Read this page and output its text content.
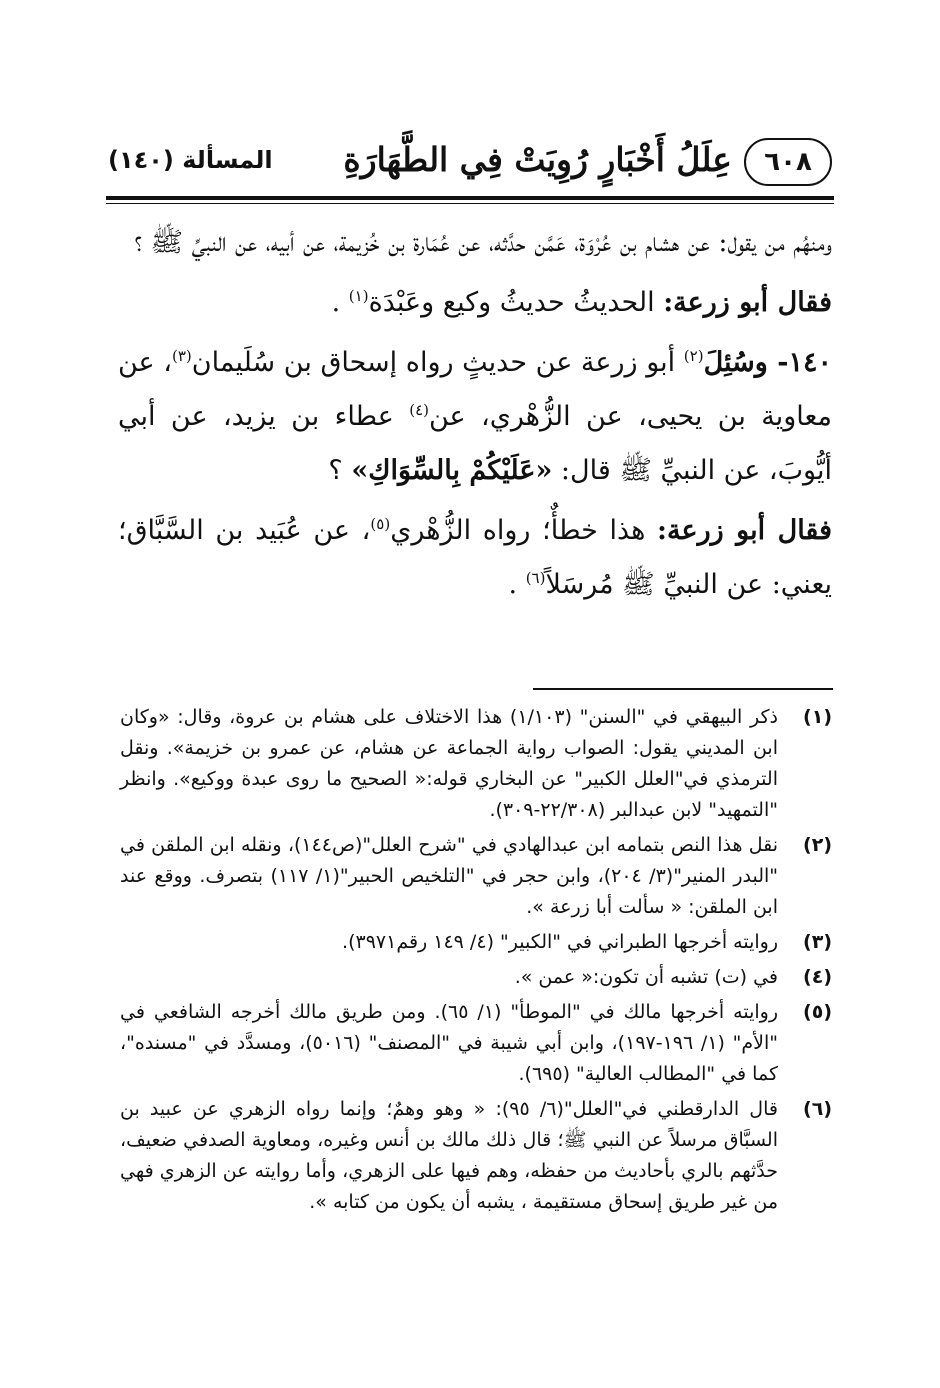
٦٠٨
عِلَلُ أَخْبَارٍ رُوِيَتْ فِي الطَّهَارَةِ
المسألة (١٤٠)

ومنهُم من يقول: عن هشام بن عُرْوَة، عَمَّن حدَّثه، عن عُمَارة بن خُزيمة، عن أبيه، عن النبيِّ ﷺ ؟

فقال أبو زرعة: الحديثُ حديثُ وكيع وعَبْدَة$^{(١)}$ .

١٤٠- وسُئِلَ$^{(٢)}$ أبو زرعة عن حديثٍ رواه إسحاق بن سُلَيمان$^{(٣)}$، عن معاوية بن يحيى، عن الزُّهْري، عن$^{(٤)}$ عطاء بن يزيد، عن أبي أيُّوبَ، عن النبيِّ ﷺ قال: «عَلَيْكُمْ بِالسِّوَاكِ» ؟

فقال أبو زرعة: هذا خطأٌ؛ رواه الزُّهْري$^{(٥)}$، عن عُبَيد بن السَّبَّاق؛ يعني: عن النبيِّ ﷺ مُرسَلاً$^{(٦)}$ .

(١)
ذكر البيهقي في "السنن" (١/١٠٣) هذا الاختلاف على هشام بن عروة، وقال: «وكان ابن المديني يقول: الصواب رواية الجماعة عن هشام، عن عمرو بن خزيمة». ونقل الترمذي في"العلل الكبير" عن البخاري قوله:« الصحيح ما روى عبدة ووكيع». وانظر "التمهيد" لابن عبدالبر (٢٢/٣٠٨-٣٠٩).
(٢)
نقل هذا النص بتمامه ابن عبدالهادي في "شرح العلل"(ص١٤٤)، ونقله ابن الملقن في "البدر المنير"(٣/ ٢٠٤)، وابن حجر في "التلخيص الحبير"(١/ ١١٧) بتصرف. ووقع عند ابن الملقن: « سألت أبا زرعة ».
(٣)
روايته أخرجها الطبراني في "الكبير" (٤/ ١٤٩ رقم٣٩٧١).
(٤)
في (ت) تشبه أن تكون:« عمن ».
(٥)
روايته أخرجها مالك في "الموطأ" (١/ ٦٥). ومن طريق مالك أخرجه الشافعي في "الأم" (١/ ١٩٦-١٩٧)، وابن أبي شيبة في "المصنف" (٥٠١٦)، ومسدَّد في "مسنده"، كما في "المطالب العالية" (٦٩٥).
(٦)
قال الدارقطني في"العلل"(٦/ ٩٥): « وهو وهمٌ؛ وإنما رواه الزهري عن عبيد بن السبَّاق مرسلاً عن النبي ﷺ؛ قال ذلك مالك بن أنس وغيره، ومعاوية الصدفي ضعيف، حدَّثهم بالري بأحاديث من حفظه، وهم فيها على الزهري، وأما روايته عن الزهري فهي من غير طريق إسحاق مستقيمة ، يشبه أن يكون من كتابه ».
